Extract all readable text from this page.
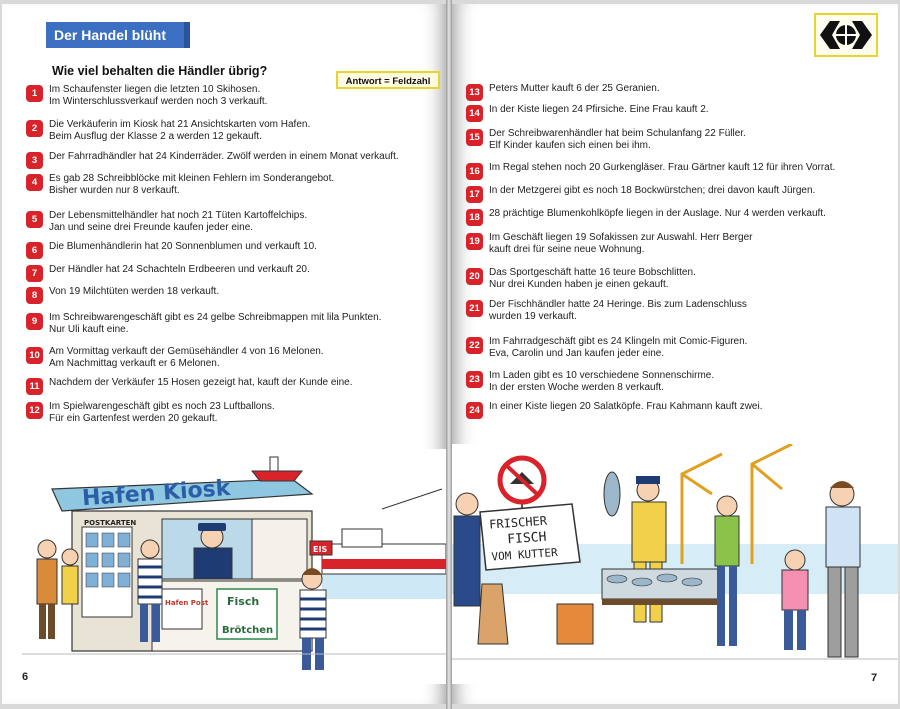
Der Handel blüht
Wie viel behalten die Händler übrig?
Antwort = Feldzahl
1	Im Schaufenster liegen die letzten 10 Skihosen.
Im Winterschlussverkauf werden noch 3 verkauft.
2	Die Verkäuferin im Kiosk hat 21 Ansichtskarten vom Hafen.
Beim Ausflug der Klasse 2 a werden 12 gekauft.
3	Der Fahrradhändler hat 24 Kinderräder. Zwölf werden in einem Monat verkauft.
4	Es gab 28 Schreibblöcke mit kleinen Fehlern im Sonderangebot.
Bisher wurden nur 8 verkauft.
5	Der Lebensmittelhändler hat noch 21 Tüten Kartoffelchips.
Jan und seine drei Freunde kaufen jeder eine.
6	Die Blumenhändlerin hat 20 Sonnenblumen und verkauft 10.
7	Der Händler hat 24 Schachteln Erdbeeren und verkauft 20.
8	Von 19 Milchtüten werden 18 verkauft.
9	Im Schreibwarengeschäft gibt es 24 gelbe Schreibmappen mit lila Punkten.
Nur Uli kauft eine.
10 Am Vormittag verkauft der Gemüsehändler 4 von 16 Melonen.
Am Nachmittag verkauft er 6 Melonen.
11 Nachdem der Verkäufer 15 Hosen gezeigt hat, kauft der Kunde eine.
12 Im Spielwarengeschäft gibt es noch 23 Luftballons.
Für ein Gartenfest werden 20 gekauft.
Hafen Kiosk
POSTKARTEN
Fisch
Brötchen
Hafen Post
EIS
6
13 Peters Mutter kauft 6 der 25 Geranien.
14 In der Kiste liegen 24 Pfirsiche. Eine Frau kauft 2.
15 Der Schreibwarenhändler hat beim Schulanfang 22 Füller.
Elf Kinder kaufen sich einen bei ihm.
16 Im Regal stehen noch 20 Gurkengläser. Frau Gärtner kauft 12 für ihren Vorrat.
17 In der Metzgerei gibt es noch 18 Bockwürstchen; drei davon kauft Jürgen.
18 28 prächtige Blumenkohlköpfe liegen in der Auslage. Nur 4 werden verkauft.
19 Im Geschäft liegen 19 Sofakissen zur Auswahl. Herr Berger
kauft drei für seine neue Wohnung.
20 Das Sportgeschäft hatte 16 teure Bobschlitten.
Nur drei Kunden haben je einen gekauft.
21 Der Fischhändler hatte 24 Heringe. Bis zum Ladenschluss
wurden 19 verkauft.
22 Im Fahrradgeschäft gibt es 24 Klingeln mit Comic-Figuren.
Eva, Carolin und Jan kaufen jeder eine.
23 Im Laden gibt es 10 verschiedene Sonnenschirme.
In der ersten Woche werden 8 verkauft.
24 In einer Kiste liegen 20 Salatköpfe. Frau Kahmann kauft zwei.
FRISCHER
FISCH
VOM KUTTER
7
